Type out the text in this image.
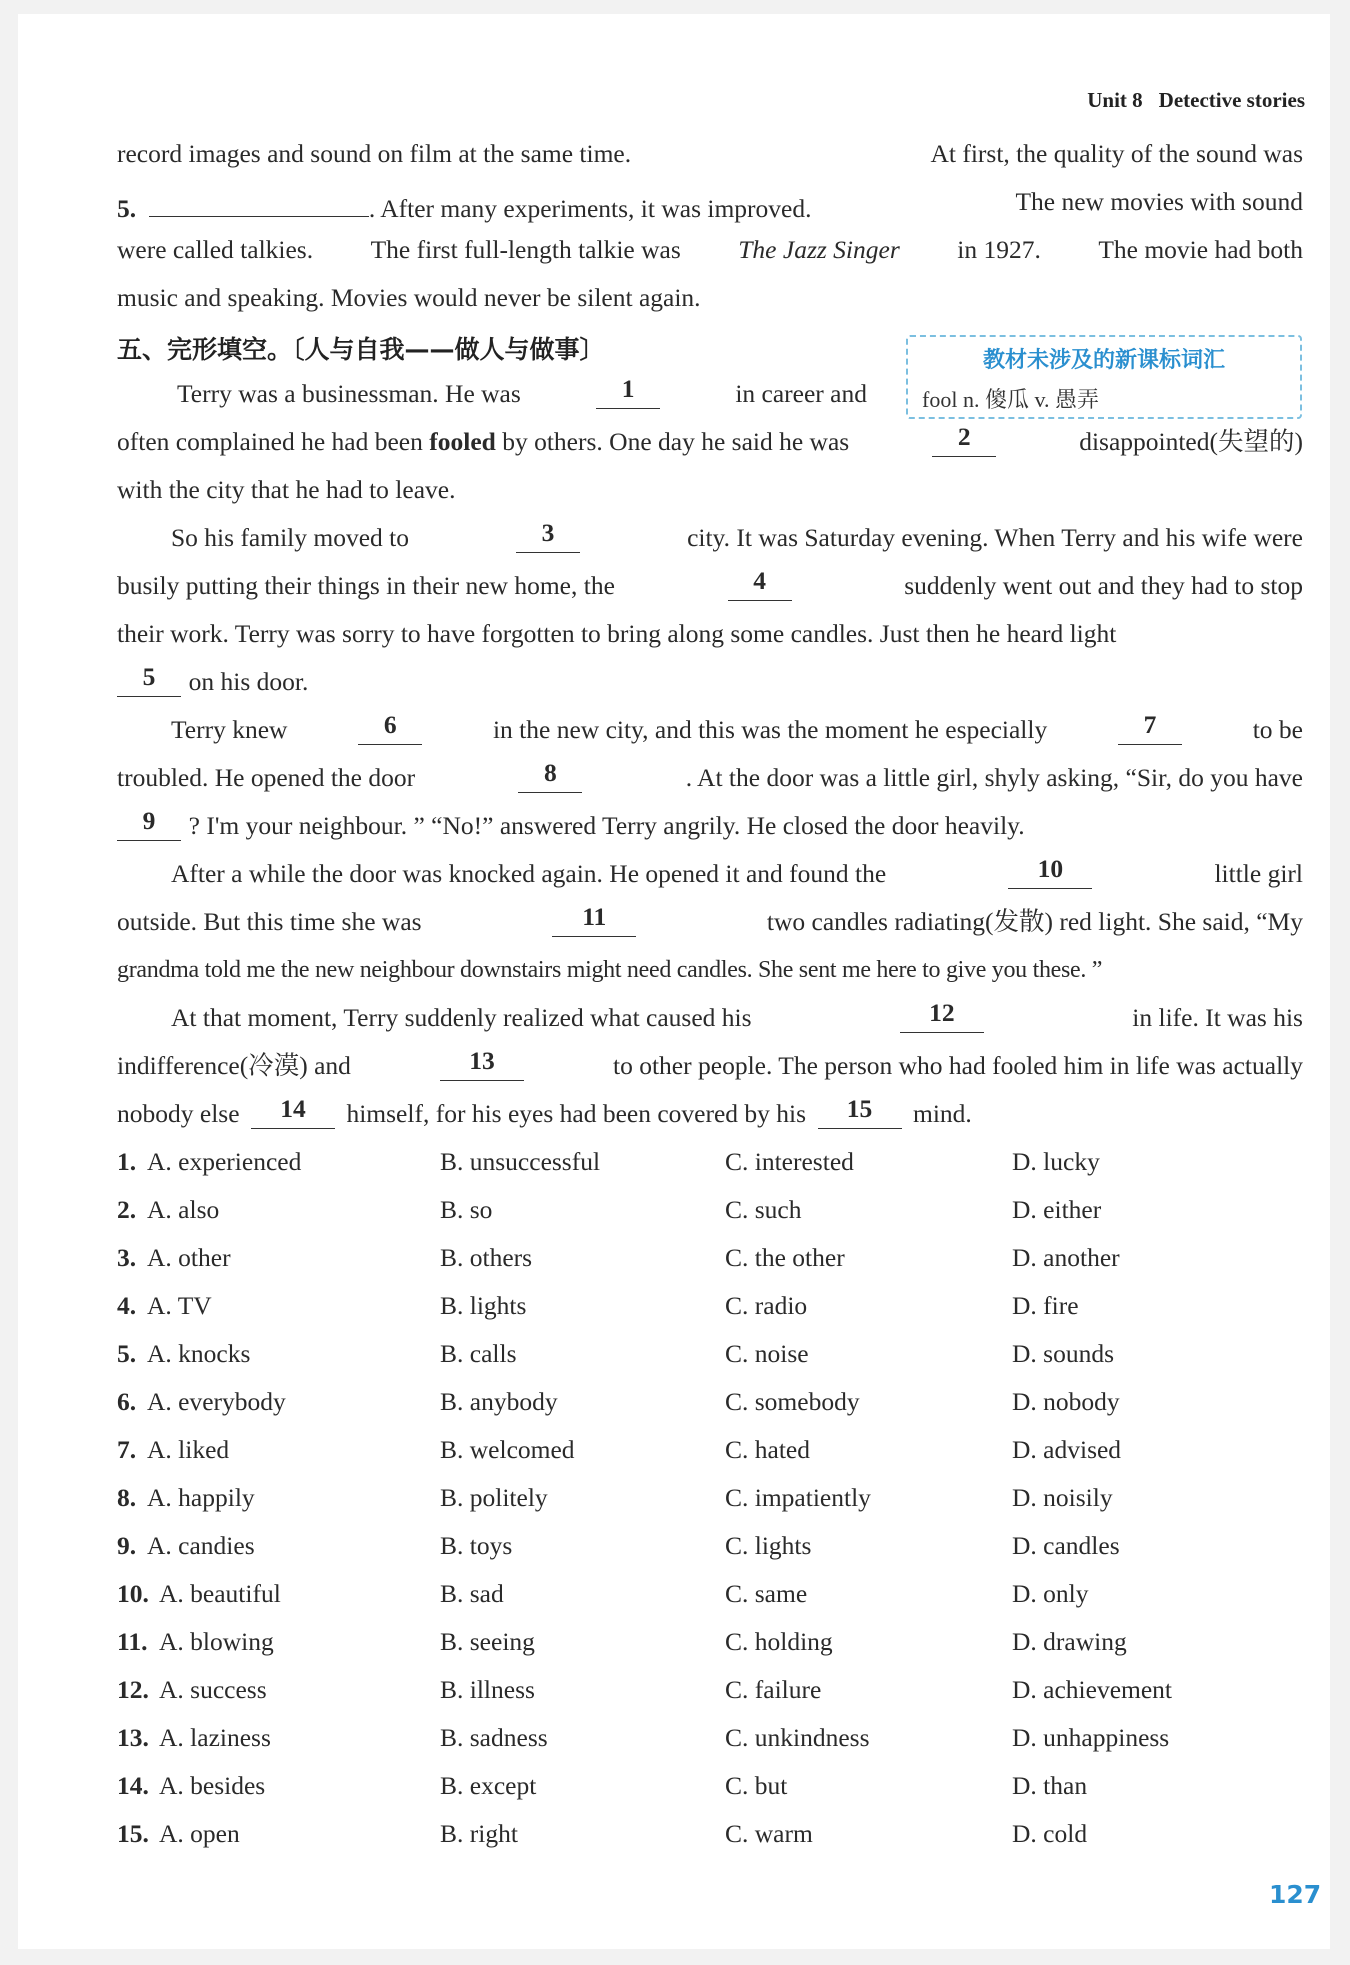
Unit 8 Detective stories
record images and sound on film at the same time.	At first, the quality of the sound was
5.	. After many experiments, it was improved.	The new movies with sound
were called talkies. The first full-length talkie was The Jazz Singer in 1927. The movie had both
music and speaking. Movies would never be silent again.
五、完形填空。〔人与自我——做人与做事〕	教材未涉及的新课标词汇
fool n. 傻瓜 v. 愚弄
Terry was a businessman. He was	1	in career and
often complained he had been fooled by others. One day he said he was	2	disappointed(失望的)
with the city that he had to leave.
So his family moved to	3	city. It was Saturday evening. When Terry and his wife were
busily putting their things in their new home, the	4	suddenly went out and they had to stop
their work. Terry was sorry to have forgotten to bring along some candles. Just then he heard light
5	on his door.
Terry knew	6	in the new city, and this was the moment he especially	7	to be
troubled. He opened the door	8	. At the door was a little girl, shyly asking, “Sir, do you have
9	? I'm your neighbour. ” “No!” answered Terry angrily. He closed the door heavily.
After a while the door was knocked again. He opened it and found the	10	little girl
outside. But this time she was	11	two candles radiating(发散) red light. She said, “My
grandma told me the new neighbour downstairs might need candles. She sent me here to give you these. ”
At that moment, Terry suddenly realized what caused his	12	in life. It was his
indifference(冷漠) and	13	to other people. The person who had fooled him in life was actually
nobody else	14	himself, for his eyes had been covered by his	15	mind.
1. A. experienced	B. unsuccessful	C. interested	D. lucky
2. A. also	B. so	C. such	D. either
3. A. other	B. others	C. the other	D. another
4. A. TV	B. lights	C. radio	D. fire
5. A. knocks	B. calls	C. noise	D. sounds
6. A. everybody	B. anybody	C. somebody	D. nobody
7. A. liked	B. welcomed	C. hated	D. advised
8. A. happily	B. politely	C. impatiently	D. noisily
9. A. candies	B. toys	C. lights	D. candles
10. A. beautiful	B. sad	C. same	D. only
11. A. blowing	B. seeing	C. holding	D. drawing
12. A. success	B. illness	C. failure	D. achievement
13. A. laziness	B. sadness	C. unkindness	D. unhappiness
14. A. besides	B. except	C. but	D. than
15. A. open	B. right	C. warm	D. cold
127
